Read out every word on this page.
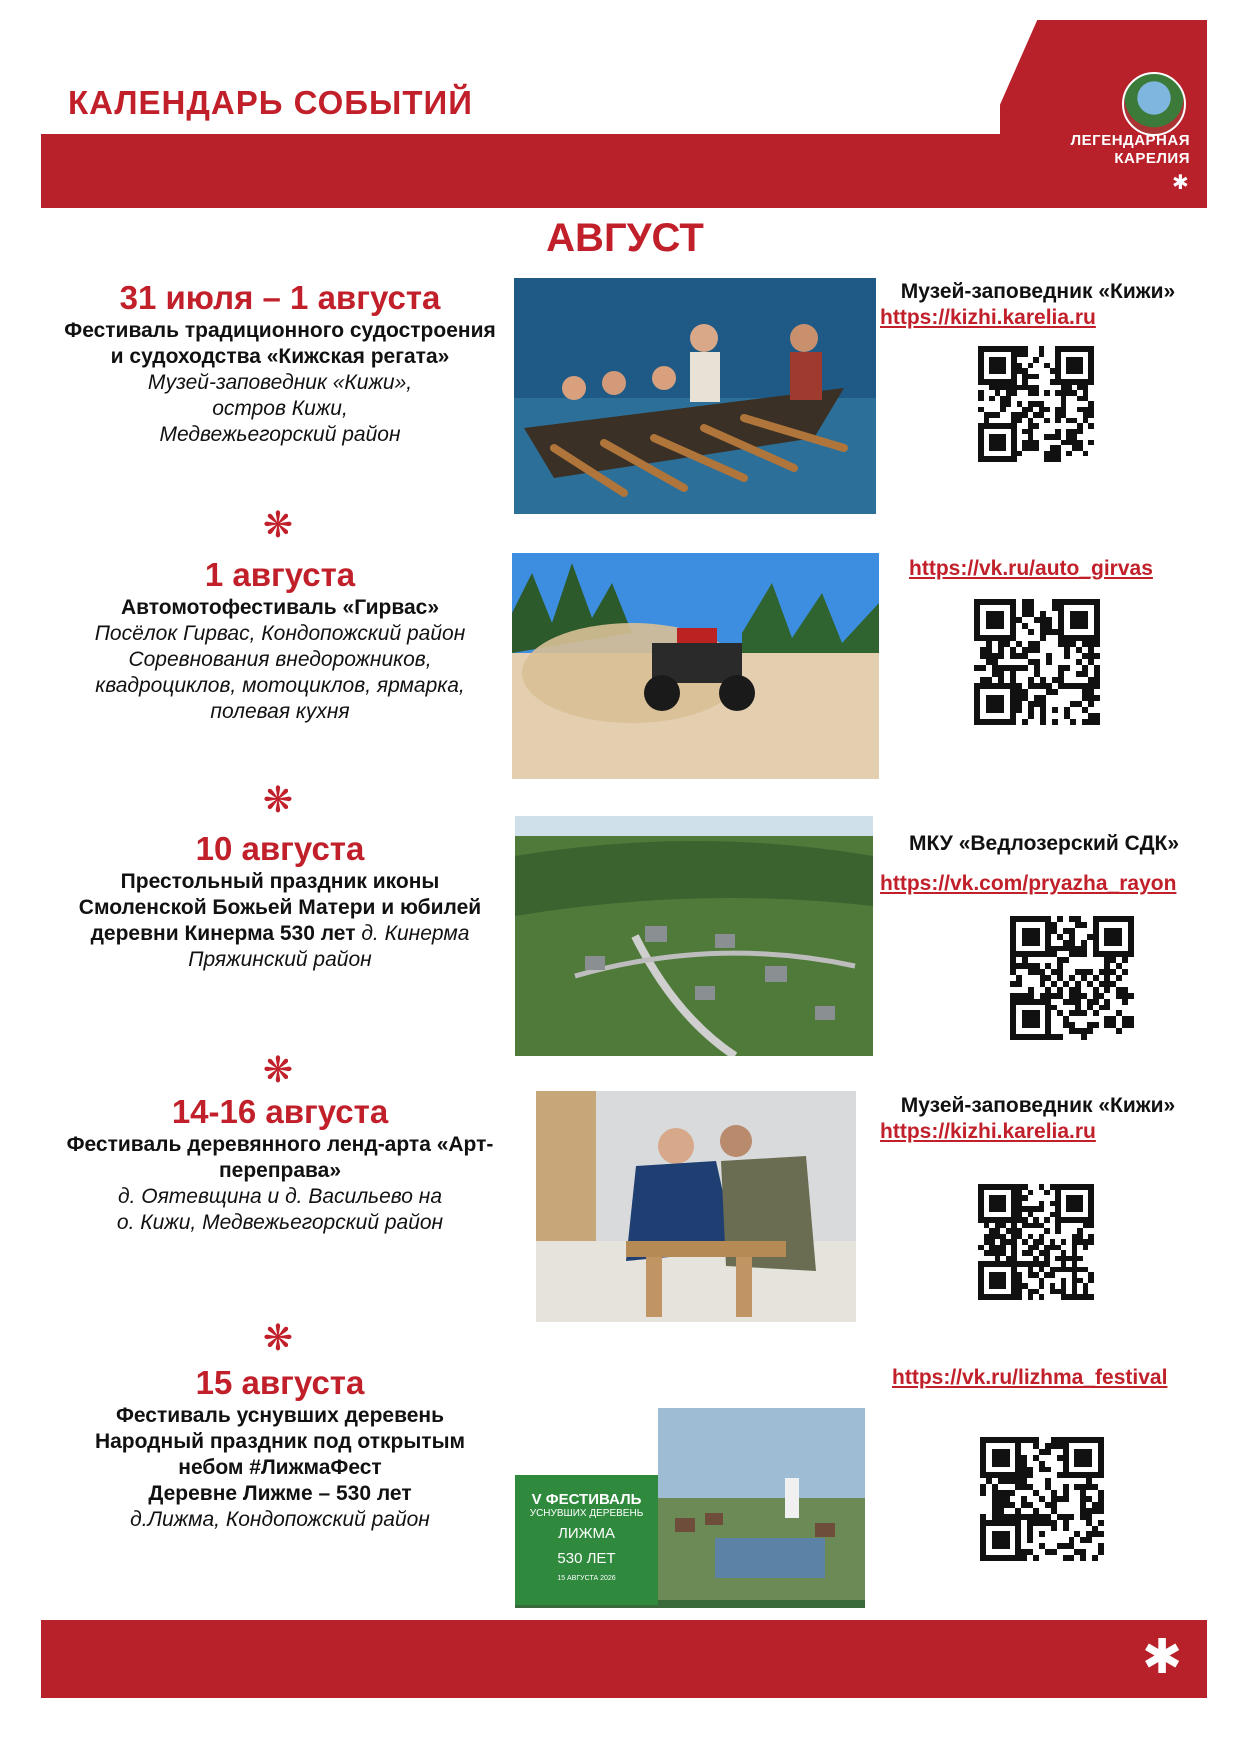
КАЛЕНДАРЬ СОБЫТИЙ
ЛЕГЕНДАРНАЯ
КАРЕЛИЯ
✱
АВГУСТ
31 июля – 1 августа
Фестиваль традиционного судостроения
и судоходства «Кижская регата»
Музей-заповедник «Кижи»,
остров Кижи,
Медвежьегорский район
Музей-заповедник «Кижи»
https://kizhi.karelia.ru
❋
1 августа
Автомотофестиваль «Гирвас»
Посёлок Гирвас, Кондопожский район
Соревнования внедорожников,
квадроциклов, мотоциклов, ярмарка,
полевая кухня
https://vk.ru/auto_girvas
❋
10 августа
Престольный праздник иконы
Смоленской Божьей Матери и юбилей
деревни Кинерма 530 лет д. Кинерма
Пряжинский район
МКУ «Ведлозерский СДК»
https://vk.com/pryazha_rayon
❋
14-16 августа
Фестиваль деревянного ленд-арта «Арт-
переправа»
д. Оятевщина и д. Васильево на
о. Кижи, Медвежьегорский район
Музей-заповедник «Кижи»
https://kizhi.karelia.ru
❋
15 августа
Фестиваль уснувших деревень
Народный праздник под открытым
небом #ЛижмаФест
Деревне Лижме – 530 лет
д.Лижма, Кондопожский район
V ФЕСТИВАЛЬ
УСНУВШИХ ДЕРЕВЕНЬ
ЛИЖМА
530 ЛЕТ
15 АВГУСТА 2026
https://vk.ru/lizhma_festival
✱
